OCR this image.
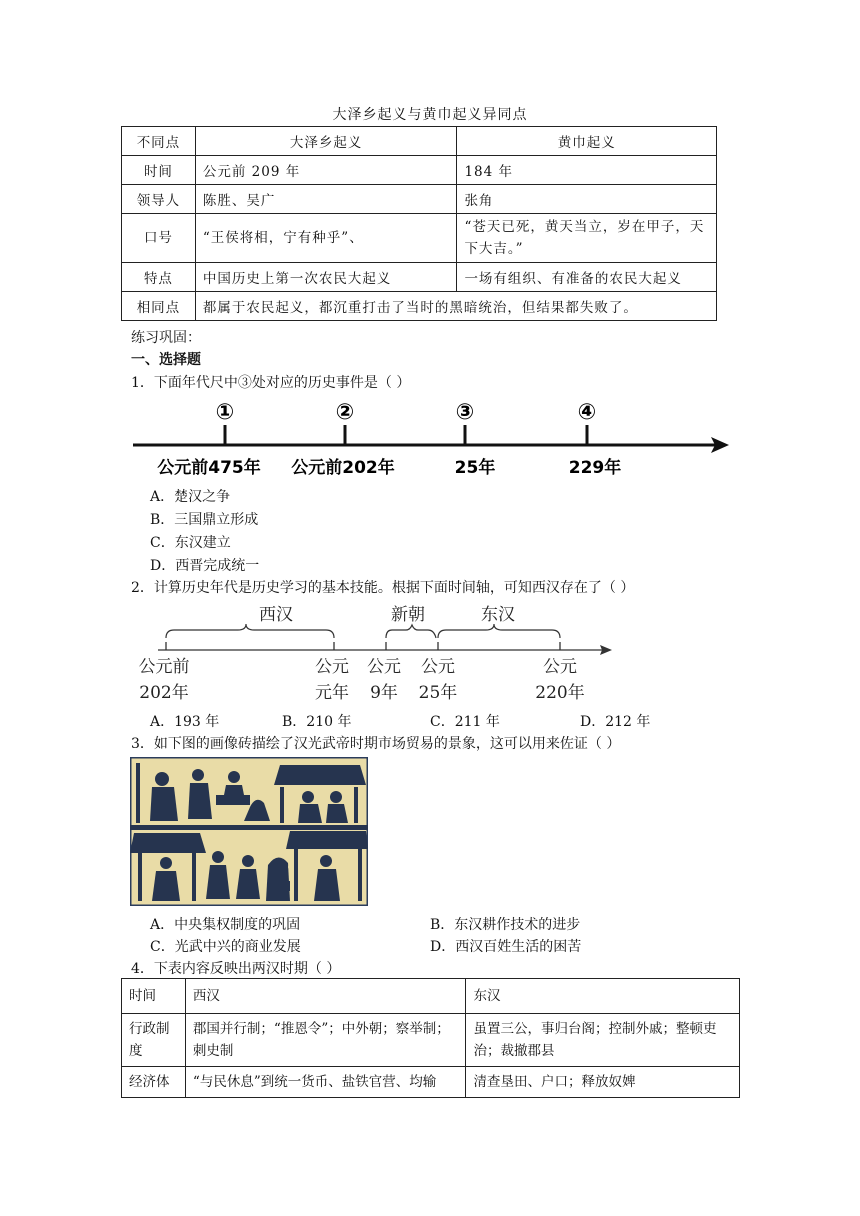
大泽乡起义与黄巾起义异同点
不同点	大泽乡起义	黄巾起义
时间	公元前 209 年	184 年
领导人	陈胜、吴广	张角
口号	“王侯将相，宁有种乎”、	“苍天已死，黄天当立，岁在甲子，天下大吉。”
特点	中国历史上第一次农民大起义	一场有组织、有准备的农民大起义
相同点	都属于农民起义，都沉重打击了当时的黑暗统治，但结果都失败了。	
练习巩固：
一、选择题
1．下面年代尺中③处对应的历史事件是（ ）
①	②	③	④
公元前475年 公元前202年	25年	229年
A．楚汉之争
B．三国鼎立形成
C．东汉建立
D．西晋完成统一
2．计算历史年代是历史学习的基本技能。根据下面时间轴，可知西汉存在了（ ）
西汉	新朝	东汉
公元前
202年
公元
元年
公元
9年
公元
25年
公元
220年
A．193 年	B．210 年	C．211 年	D．212 年
3．如下图的画像砖描绘了汉光武帝时期市场贸易的景象，这可以用来佐证（ ）
A．中央集权制度的巩固	B．东汉耕作技术的进步
C．光武中兴的商业发展	D．西汉百姓生活的困苦
4．下表内容反映出两汉时期（ ）
时间	西汉	东汉
行政制度	郡国并行制；“推恩令”；中外朝；察举制；刺史制	虽置三公，事归台阁；控制外戚；整顿吏治；裁撤郡县
经济体	“与民休息”到统一货币、盐铁官营、均输	清查垦田、户口；释放奴婢
